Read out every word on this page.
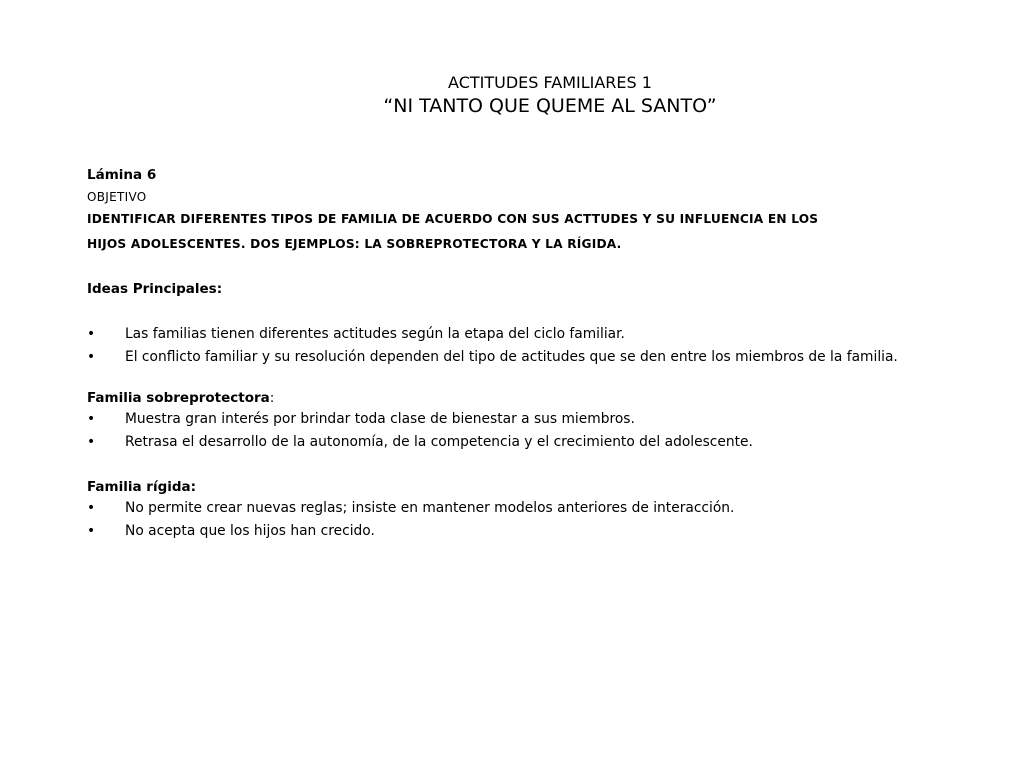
ACTITUDES FAMILIARES 1

“NI TANTO QUE QUEME AL SANTO”

Lámina 6
OBJETIVO
IDENTIFICAR DIFERENTES TIPOS DE FAMILIA DE ACUERDO CON SUS ACTTUDES Y SU INFLUENCIA EN LOS HIJOS ADOLESCENTES. DOS EJEMPLOS: LA SOBREPROTECTORA Y LA RÍGIDA.
Ideas Principales:
•	Las familias tienen diferentes actitudes según la etapa del ciclo familiar.
•	El conflicto familiar y su resolución dependen del tipo de actitudes que se den entre los miembros de la familia.
Familia sobreprotectora:
•	Muestra gran interés por brindar toda clase de bienestar a sus miembros.
•	Retrasa el desarrollo de la autonomía, de la competencia y el crecimiento del adolescente.
Familia rígida:
•	No permite crear nuevas reglas; insiste en mantener modelos anteriores de interacción.
•	No acepta que los hijos han crecido.
